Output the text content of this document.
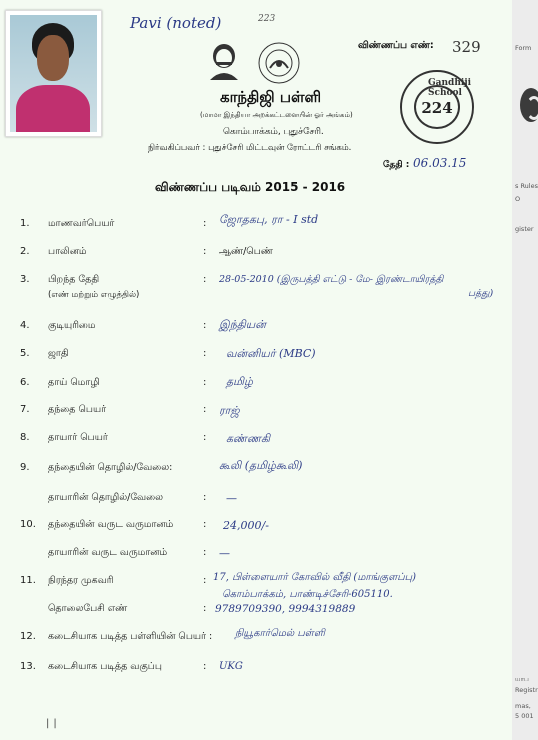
Pavi (noted)	223
விண்ணப்ப எண்: 329
காந்திஜி பள்ளி
(மாமா இந்தியா அறக்கட்டளையின் ஓர் அங்கம்)
கொம்பாக்கம், புதுச்சேரி.
நிர்வகிப்பவர் : புதுச்சேரி மிட்டவுன் ரோட்டரி சங்கம்.
Gandhiji School
224
தேதி : 06.03.15
விண்ணப்ப படிவம் 2015 - 2016
1. மாணவர்பெயர்	: ஜோதகபு, ரா - I std
2. பாலினம்	: ஆண்/பெண்
3. பிறந்த தேதி
(எண் மற்றும் எழுத்தில்)
: 28-05-2010 (இருபத்தி எட்டு - மே- இரண்டாயிரத்தி
பத்து)
4. குடியுரிமை	: இந்தியன்
5. ஜாதி	: வன்னியர் (MBC)
6. தாய் மொழி	: தமிழ்
7. தந்தை பெயர்	: ராஜ்
8. தாயார் பெயர்	: கண்ணகி
9. தந்தையின் தொழில்/வேலை:	கூலி (தமிழ்கூலி)
தாயாரின் தொழில்/வேலை	: —
10. தந்தையின் வருட வருமானம்	: 24,000/-
தாயாரின் வருட வருமானம்	: —
11. நிரந்தர முகவரி	: 17, பிள்ளையார் கோவில் வீதி (மாங்குளப்பு)
கொம்பாக்கம், பாண்டிச்சேரி-605110.
தொலைபேசி எண்	: 9789709390, 9994319889
12. கடைசியாக படித்த பள்ளியின் பெயர் : நியூகார்மெல் பள்ளி
13. கடைசியாக படித்த வகுப்பு	: UKG
||
Form
s Rules
O
gister
யாப
Registr
mas,
5 001
